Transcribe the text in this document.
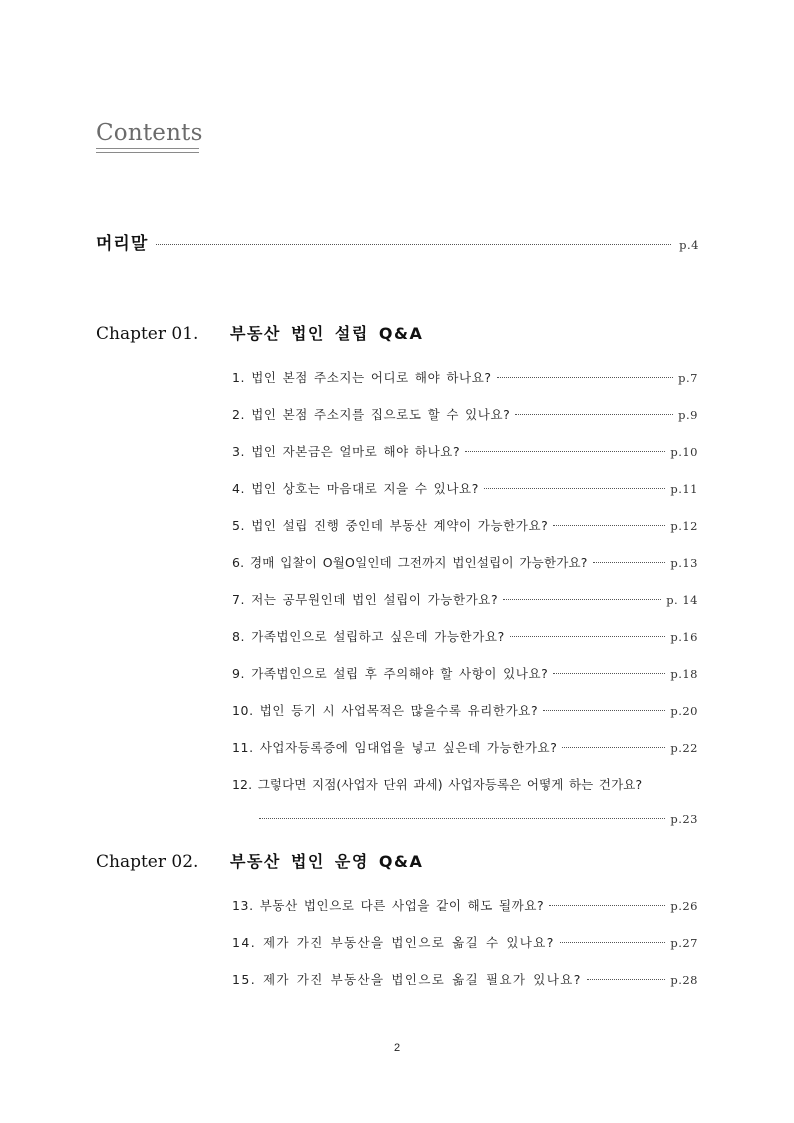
Contents
머리말	p.4
Chapter 01.	부동산 법인 설립 Q&A
1. 법인 본점 주소지는 어디로 해야 하나요?	p.7
2. 법인 본점 주소지를 집으로도 할 수 있나요?	p.9
3. 법인 자본금은 얼마로 해야 하나요?	p.10
4. 법인 상호는 마음대로 지을 수 있나요?	p.11
5. 법인 설립 진행 중인데 부동산 계약이 가능한가요?	p.12
6. 경매 입찰이 O월O일인데 그전까지 법인설립이 가능한가요?	p.13
7. 저는 공무원인데 법인 설립이 가능한가요?	p. 14
8. 가족법인으로 설립하고 싶은데 가능한가요?	p.16
9. 가족법인으로 설립 후 주의해야 할 사항이 있나요?	p.18
10. 법인 등기 시 사업목적은 많을수록 유리한가요?	p.20
11. 사업자등록증에 임대업을 넣고 싶은데 가능한가요?	p.22
12. 그렇다면 지점(사업자 단위 과세) 사업자등록은 어떻게 하는 건가요?
p.23
Chapter 02.	부동산 법인 운영 Q&A
13. 부동산 법인으로 다른 사업을 같이 해도 될까요?	p.26
14. 제가 가진 부동산을 법인으로 옮길 수 있나요?	p.27
15. 제가 가진 부동산을 법인으로 옮길 필요가 있나요?	p.28
2
